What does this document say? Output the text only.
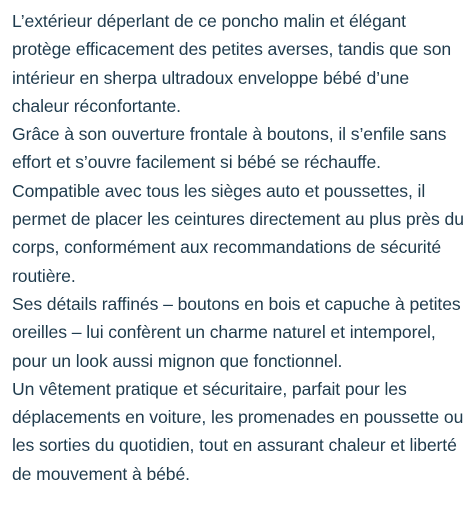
L’extérieur déperlant de ce poncho malin et élégant protège efficacement des petites averses, tandis que son intérieur en sherpa ultradoux enveloppe bébé d’une chaleur réconfortante.

Grâce à son ouverture frontale à boutons, il s’enfile sans effort et s’ouvre facilement si bébé se réchauffe.

Compatible avec tous les sièges auto et poussettes, il permet de placer les ceintures directement au plus près du corps, conformément aux recommandations de sécurité routière.

Ses détails raffinés – boutons en bois et capuche à petites oreilles – lui confèrent un charme naturel et intemporel, pour un look aussi mignon que fonctionnel.

Un vêtement pratique et sécuritaire, parfait pour les déplacements en voiture, les promenades en poussette ou les sorties du quotidien, tout en assurant chaleur et liberté de mouvement à bébé.
